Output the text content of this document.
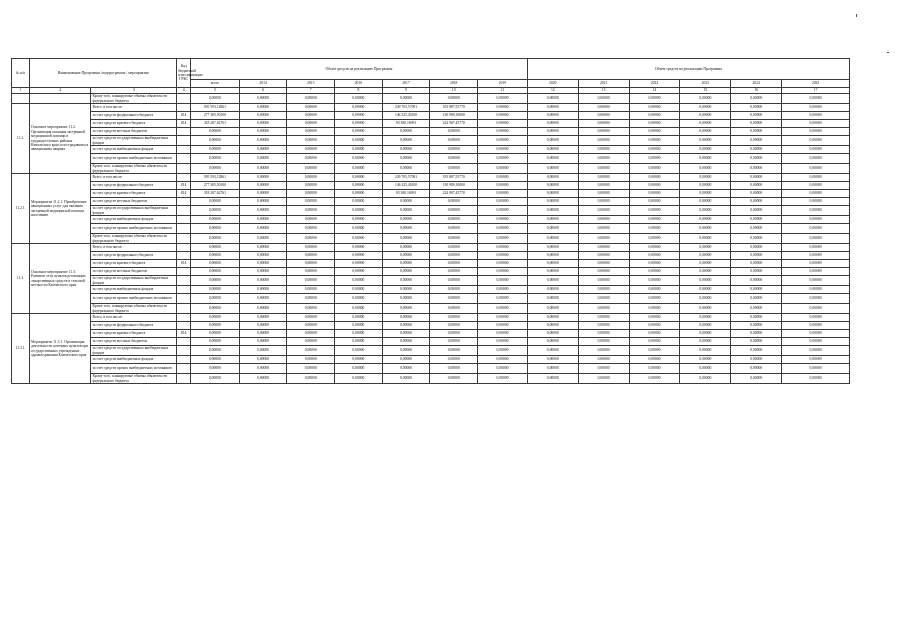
№ п/п	Наименование Программы /подпрограммы / мероприятия		Код бюджетной классификации ГРБС	Объем средств на реализацию Программы							Объем средств на реализацию Программы					
				всего	2014	2015	2016	2017	2018	2019	2020	2021	2022	2023	2024	2025
1	2	3	4	5	6	7	8	9	10	11	12	13	14	15	16	17
		Кроме того, планируемые объемы обязательств федерального бюджета		0,00000	0,00000	0,00000	0,00000	0,00000	0,00000	0,00000	0,00000	0,00000	0,00000	0,00000	0,00000	0,00000
11.2.	Основное мероприятие 11.2. Организация оказания экстренной медицинской помощи в труднодоступных районах Камчатского края и пострадавшим в авиационных авариях	Всего, в том числе:		595 593,12861	0,00000	0,00000	0,00000	239 705,57091	355 887,55770	0,00000	0,00000	0,00000	0,00000	0,00000	0,00000	0,00000
		за счет средств федерального бюджета	814	277 305,50100	0,00000	0,00000	0,00000	146 325,40100	130 980,10000	0,00000	0,00000	0,00000	0,00000	0,00000	0,00000	0,00000
		за счет средств краевого бюджета	814	318 287,62761	0,00000	0,00000	0,00000	93 380,16991	224 907,45770	0,00000	0,00000	0,00000	0,00000	0,00000	0,00000	0,00000
		за счет средств местных бюджетов		0,00000	0,00000	0,00000	0,00000	0,00000	0,00000	0,00000	0,00000	0,00000	0,00000	0,00000	0,00000	0,00000
		за счет средств государственных внебюджетных фондов		0,00000	0,00000	0,00000	0,00000	0,00000	0,00000	0,00000	0,00000	0,00000	0,00000	0,00000	0,00000	0,00000
		за счет средств внебюджетных фондов		0,00000	0,00000	0,00000	0,00000	0,00000	0,00000	0,00000	0,00000	0,00000	0,00000	0,00000	0,00000	0,00000
		за счет средств прочих внебюджетных источников		0,00000	0,00000	0,00000	0,00000	0,00000	0,00000	0,00000	0,00000	0,00000	0,00000	0,00000	0,00000	0,00000
		Кроме того, планируемые объемы обязательств федерального бюджета		0,00000	0,00000	0,00000	0,00000	0,00000	0,00000	0,00000	0,00000	0,00000	0,00000	0,00000	0,00000	0,00000
11.2.1.	Мероприятие 11.2.1. Приобретение авиационных услуг для оказания экстренной медицинской помощи населению	Всего, в том числе:		595 593,12861	0,00000	0,00000	0,00000	239 705,57091	355 887,55770	0,00000	0,00000	0,00000	0,00000	0,00000	0,00000	0,00000
		за счет средств федерального бюджета	814	277 305,50100	0,00000	0,00000	0,00000	146 325,40100	130 980,10000	0,00000	0,00000	0,00000	0,00000	0,00000	0,00000	0,00000
		за счет средств краевого бюджета	814	318 287,62761	0,00000	0,00000	0,00000	93 380,16991	224 907,45770	0,00000	0,00000	0,00000	0,00000	0,00000	0,00000	0,00000
		за счет средств местных бюджетов		0,00000	0,00000	0,00000	0,00000	0,00000	0,00000	0,00000	0,00000	0,00000	0,00000	0,00000	0,00000	0,00000
		за счет средств государственных внебюджетных фондов		0,00000	0,00000	0,00000	0,00000	0,00000	0,00000	0,00000	0,00000	0,00000	0,00000	0,00000	0,00000	0,00000
		за счет средств внебюджетных фондов		0,00000	0,00000	0,00000	0,00000	0,00000	0,00000	0,00000	0,00000	0,00000	0,00000	0,00000	0,00000	0,00000
		за счет средств прочих внебюджетных источников		0,00000	0,00000	0,00000	0,00000	0,00000	0,00000	0,00000	0,00000	0,00000	0,00000	0,00000	0,00000	0,00000
		Кроме того, планируемые объемы обязательств федерального бюджета		0,00000	0,00000	0,00000	0,00000	0,00000	0,00000	0,00000	0,00000	0,00000	0,00000	0,00000	0,00000	0,00000
11.3.	Основное мероприятие 11.3. Развитие сети пунктов реализации лекарственных средств в сельской местности Камчатского края	Всего, в том числе:		0,00000	0,00000	0,00000	0,00000	0,00000	0,00000	0,00000	0,00000	0,00000	0,00000	0,00000	0,00000	0,00000
		за счет средств федерального бюджета		0,00000	0,00000	0,00000	0,00000	0,00000	0,00000	0,00000	0,00000	0,00000	0,00000	0,00000	0,00000	0,00000
		за счет средств краевого бюджета	814	0,00000	0,00000	0,00000	0,00000	0,00000	0,00000	0,00000	0,00000	0,00000	0,00000	0,00000	0,00000	0,00000
		за счет средств местных бюджетов		0,00000	0,00000	0,00000	0,00000	0,00000	0,00000	0,00000	0,00000	0,00000	0,00000	0,00000	0,00000	0,00000
		за счет средств государственных внебюджетных фондов		0,00000	0,00000	0,00000	0,00000	0,00000	0,00000	0,00000	0,00000	0,00000	0,00000	0,00000	0,00000	0,00000
		за счет средств внебюджетных фондов		0,00000	0,00000	0,00000	0,00000	0,00000	0,00000	0,00000	0,00000	0,00000	0,00000	0,00000	0,00000	0,00000
		за счет средств прочих внебюджетных источников		0,00000	0,00000	0,00000	0,00000	0,00000	0,00000	0,00000	0,00000	0,00000	0,00000	0,00000	0,00000	0,00000
		Кроме того, планируемые объемы обязательств федерального бюджета		0,00000	0,00000	0,00000	0,00000	0,00000	0,00000	0,00000	0,00000	0,00000	0,00000	0,00000	0,00000	0,00000
11.3.1.	Мероприятие 11.3.1. Организация деятельности аптечных пунктов при государственных учреждениях здравоохранения Камчатского края	Всего, в том числе:		0,00000	0,00000	0,00000	0,00000	0,00000	0,00000	0,00000	0,00000	0,00000	0,00000	0,00000	0,00000	0,00000
		за счет средств федерального бюджета		0,00000	0,00000	0,00000	0,00000	0,00000	0,00000	0,00000	0,00000	0,00000	0,00000	0,00000	0,00000	0,00000
		за счет средств краевого бюджета	814	0,00000	0,00000	0,00000	0,00000	0,00000	0,00000	0,00000	0,00000	0,00000	0,00000	0,00000	0,00000	0,00000
		за счет средств местных бюджетов		0,00000	0,00000	0,00000	0,00000	0,00000	0,00000	0,00000	0,00000	0,00000	0,00000	0,00000	0,00000	0,00000
		за счет средств государственных внебюджетных фондов		0,00000	0,00000	0,00000	0,00000	0,00000	0,00000	0,00000	0,00000	0,00000	0,00000	0,00000	0,00000	0,00000
		за счет средств внебюджетных фондов		0,00000	0,00000	0,00000	0,00000	0,00000	0,00000	0,00000	0,00000	0,00000	0,00000	0,00000	0,00000	0,00000
		за счет средств прочих внебюджетных источников		0,00000	0,00000	0,00000	0,00000	0,00000	0,00000	0,00000	0,00000	0,00000	0,00000	0,00000	0,00000	0,00000
		Кроме того, планируемые объемы обязательств федерального бюджета		0,00000	0,00000	0,00000	0,00000	0,00000	0,00000	0,00000	0,00000	0,00000	0,00000	0,00000	0,00000	0,00000
